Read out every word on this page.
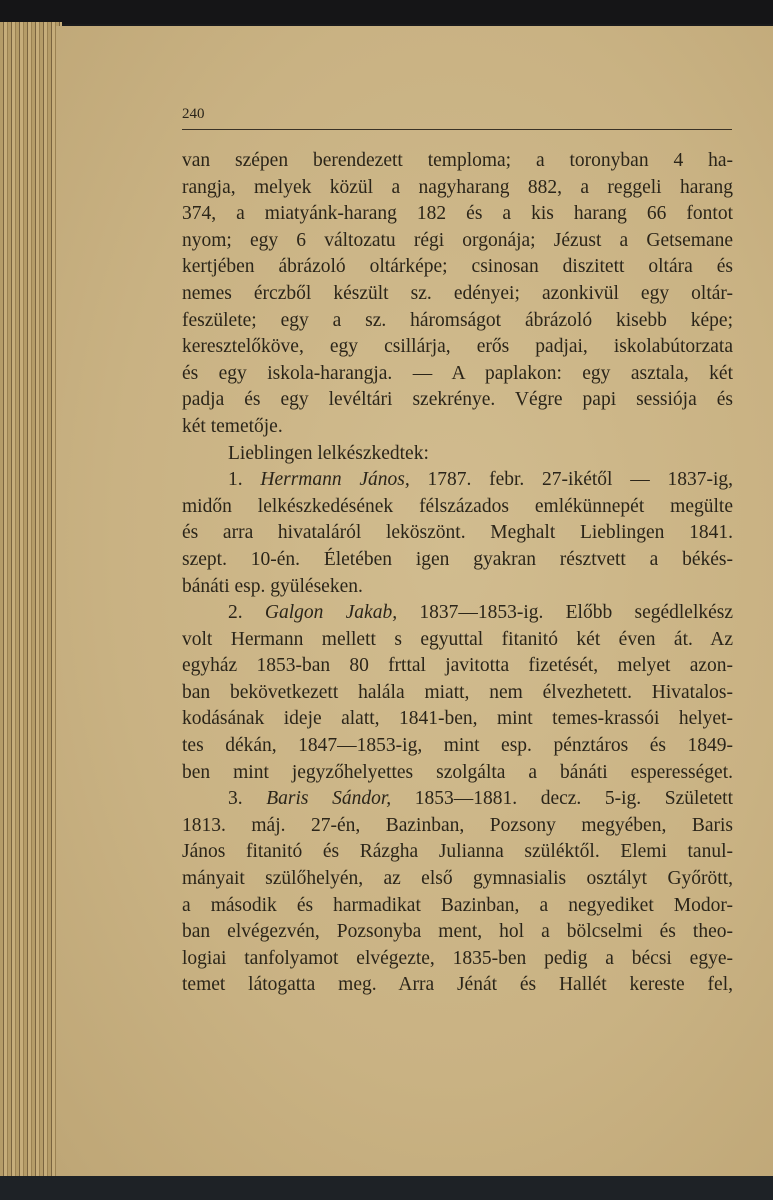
240
van szépen berendezett temploma; a toronyban 4 ha-
rangja, melyek közül a nagyharang 882, a reggeli harang
374, a miatyánk-harang 182 és a kis harang 66 fontot
nyom; egy 6 változatu régi orgonája; Jézust a Getsemane
kertjében ábrázoló oltárképe; csinosan diszitett oltára és
nemes érczből készült sz. edényei; azonkivül egy oltár-
feszülete; egy a sz. háromságot ábrázoló kisebb képe;
keresztelőköve, egy csillárja, erős padjai, iskolabútorzata
és egy iskola-harangja. — A paplakon: egy asztala, két
padja és egy levéltári szekrénye. Végre papi sessiója és
két temetője.
Lieblingen lelkészkedtek:
1. Herrmann János, 1787. febr. 27-ikétől — 1837-ig,
midőn lelkészkedésének félszázados emlékünnepét megülte
és arra hivataláról leköszönt. Meghalt Lieblingen 1841.
szept. 10-én. Életében igen gyakran résztvett a békés-
bánáti esp. gyüléseken.
2. Galgon Jakab, 1837—1853-ig. Előbb segédlelkész
volt Hermann mellett s egyuttal fitanitó két éven át. Az
egyház 1853-ban 80 frttal javitotta fizetését, melyet azon-
ban bekövetkezett halála miatt, nem élvezhetett. Hivatalos-
kodásának ideje alatt, 1841-ben, mint temes-krassói helyet-
tes dékán, 1847—1853-ig, mint esp. pénztáros és 1849-
ben mint jegyzőhelyettes szolgálta a bánáti esperességet.
3. Baris Sándor, 1853—1881. decz. 5-ig. Született
1813. máj. 27-én, Bazinban, Pozsony megyében, Baris
János fitanitó és Rázgha Julianna szüléktől. Elemi tanul-
mányait szülőhelyén, az első gymnasialis osztályt Győrött,
a második és harmadikat Bazinban, a negyediket Modor-
ban elvégezvén, Pozsonyba ment, hol a bölcselmi és theo-
logiai tanfolyamot elvégezte, 1835-ben pedig a bécsi egye-
temet látogatta meg. Arra Jénát és Hallét kereste fel,
